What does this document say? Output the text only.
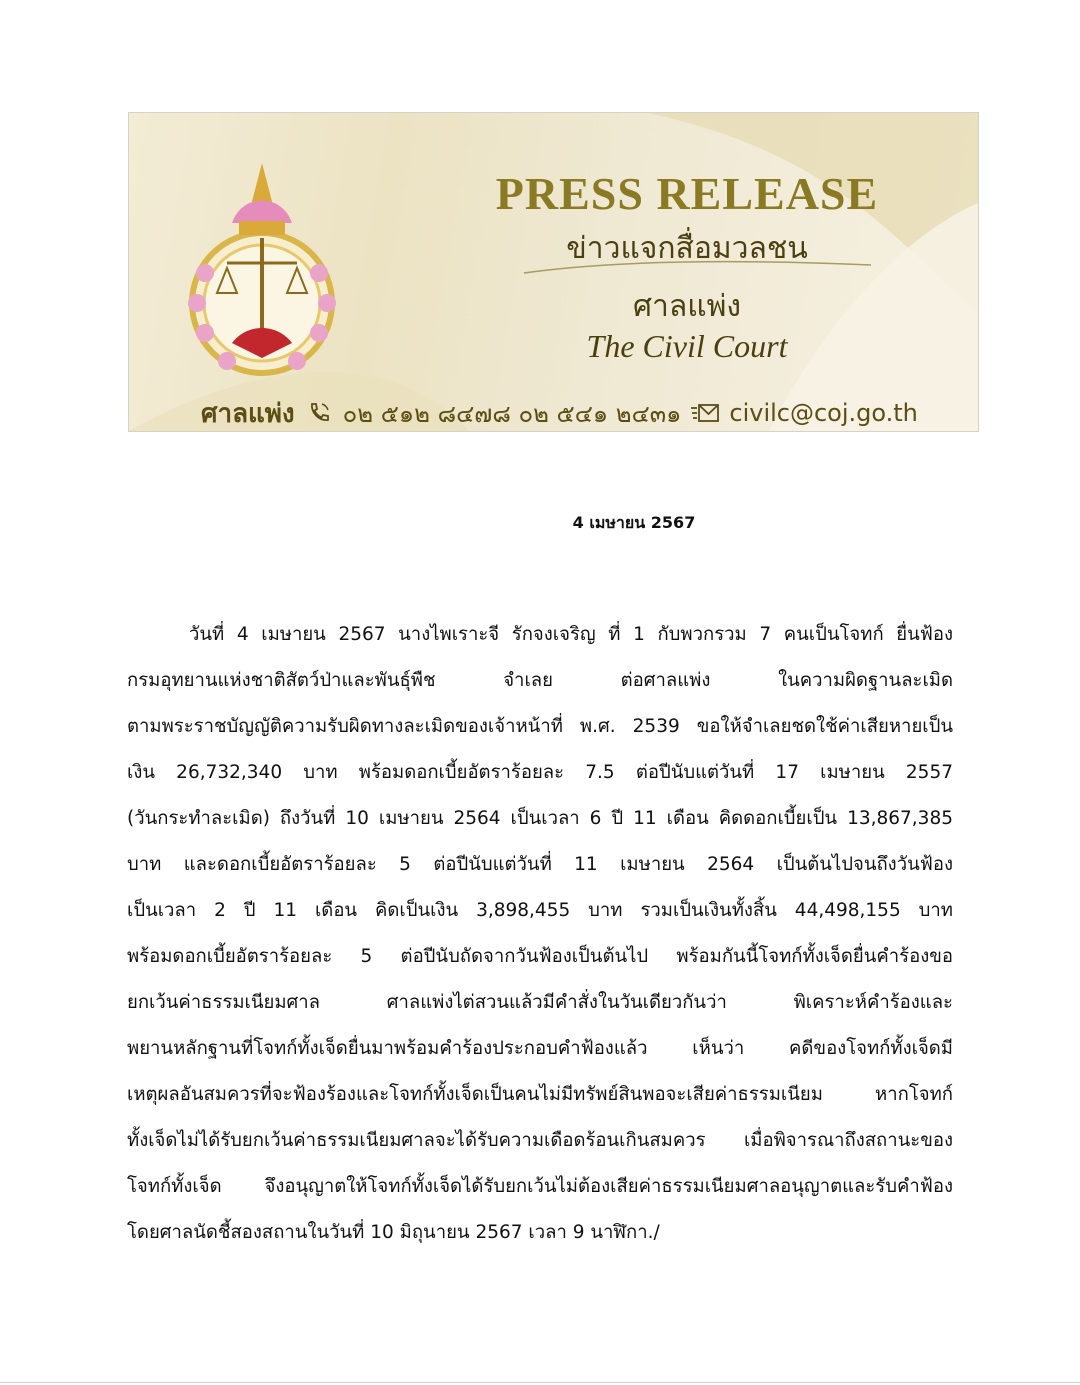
PRESS RELEASE
ข่าวแจกสื่อมวลชน
ศาลแพ่ง
The Civil Court
ศาลแพ่ง ๐๒ ๕๑๒ ๘๔๗๘ ๐๒ ๕๔๑ ๒๔๓๑ civilc@coj.go.th
4 เมษายน 2567
วันที่ 4 เมษายน 2567 นางไพเราะจี รักจงเจริญ ที่ 1 กับพวกรวม 7 คนเป็นโจทก์ ยื่นฟ้อง
กรมอุทยานแห่งชาติสัตว์ป่าและพันธุ์พืช จำเลย ต่อศาลแพ่ง ในความผิดฐานละเมิด
ตามพระราชบัญญัติความรับผิดทางละเมิดของเจ้าหน้าที่ พ.ศ. 2539 ขอให้จำเลยชดใช้ค่าเสียหายเป็น
เงิน 26,732,340 บาท พร้อมดอกเบี้ยอัตราร้อยละ 7.5 ต่อปีนับแต่วันที่ 17 เมษายน 2557
(วันกระทำละเมิด) ถึงวันที่ 10 เมษายน 2564 เป็นเวลา 6 ปี 11 เดือน คิดดอกเบี้ยเป็น 13,867,385
บาท และดอกเบี้ยอัตราร้อยละ 5 ต่อปีนับแต่วันที่ 11 เมษายน 2564 เป็นต้นไปจนถึงวันฟ้อง
เป็นเวลา 2 ปี 11 เดือน คิดเป็นเงิน 3,898,455 บาท รวมเป็นเงินทั้งสิ้น 44,498,155 บาท
พร้อมดอกเบี้ยอัตราร้อยละ 5 ต่อปีนับถัดจากวันฟ้องเป็นต้นไป พร้อมกันนี้โจทก์ทั้งเจ็ดยื่นคำร้องขอ
ยกเว้นค่าธรรมเนียมศาล ศาลแพ่งไต่สวนแล้วมีคำสั่งในวันเดียวกันว่า พิเคราะห์คำร้องและ
พยานหลักฐานที่โจทก์ทั้งเจ็ดยื่นมาพร้อมคำร้องประกอบคำฟ้องแล้ว เห็นว่า คดีของโจทก์ทั้งเจ็ดมี
เหตุผลอันสมควรที่จะฟ้องร้องและโจทก์ทั้งเจ็ดเป็นคนไม่มีทรัพย์สินพอจะเสียค่าธรรมเนียม หากโจทก์
ทั้งเจ็ดไม่ได้รับยกเว้นค่าธรรมเนียมศาลจะได้รับความเดือดร้อนเกินสมควร เมื่อพิจารณาถึงสถานะของ
โจทก์ทั้งเจ็ด จึงอนุญาตให้โจทก์ทั้งเจ็ดได้รับยกเว้นไม่ต้องเสียค่าธรรมเนียมศาลอนุญาตและรับคำฟ้อง
โดยศาลนัดชี้สองสถานในวันที่ 10 มิถุนายน 2567 เวลา 9 นาฬิกา./
